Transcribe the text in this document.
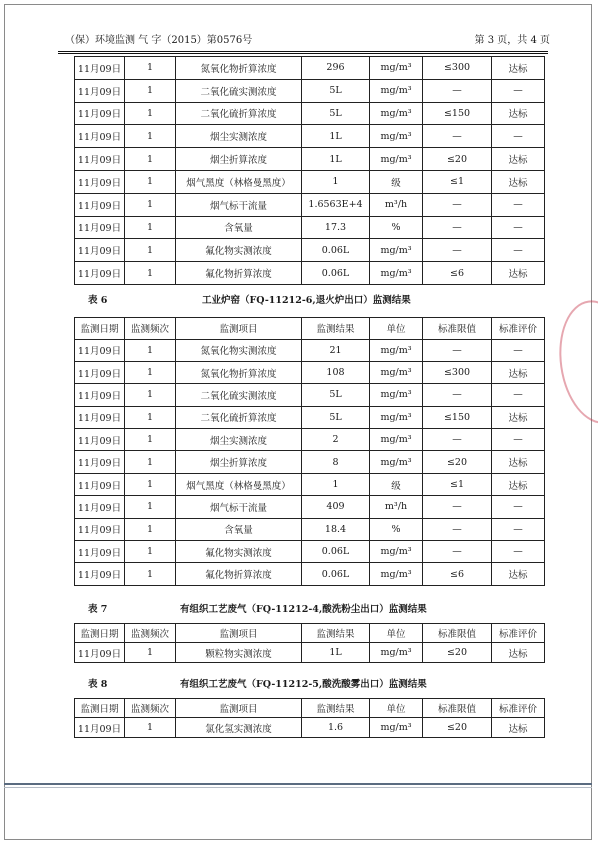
（保）环境监测 气 字（2015）第0576号	第 3 页，共 4 页
11月09日	1	氮氧化物折算浓度	296	mg/m³	≤300	达标
11月09日	1	二氧化硫实测浓度	5L	mg/m³	—	—
11月09日	1	二氧化硫折算浓度	5L	mg/m³	≤150	达标
11月09日	1	烟尘实测浓度	1L	mg/m³	—	—
11月09日	1	烟尘折算浓度	1L	mg/m³	≤20	达标
11月09日	1	烟气黑度（林格曼黑度）	1	级	≤1	达标
11月09日	1	烟气标干流量	1.6563E+4	m³/h	—	—
11月09日	1	含氧量	17.3	%	—	—
11月09日	1	氟化物实测浓度	0.06L	mg/m³	—	—
11月09日	1	氟化物折算浓度	0.06L	mg/m³	≤6	达标
表 6	工业炉窑（FQ-11212-6,退火炉出口）监测结果
监测日期	监测频次	监测项目	监测结果	单位	标准限值	标准评价
11月09日	1	氮氧化物实测浓度	21	mg/m³	—	—
11月09日	1	氮氧化物折算浓度	108	mg/m³	≤300	达标
11月09日	1	二氧化硫实测浓度	5L	mg/m³	—	—
11月09日	1	二氧化硫折算浓度	5L	mg/m³	≤150	达标
11月09日	1	烟尘实测浓度	2	mg/m³	—	—
11月09日	1	烟尘折算浓度	8	mg/m³	≤20	达标
11月09日	1	烟气黑度（林格曼黑度）	1	级	≤1	达标
11月09日	1	烟气标干流量	409	m³/h	—	—
11月09日	1	含氧量	18.4	%	—	—
11月09日	1	氟化物实测浓度	0.06L	mg/m³	—	—
11月09日	1	氟化物折算浓度	0.06L	mg/m³	≤6	达标
表 7	有组织工艺废气（FQ-11212-4,酸洗粉尘出口）监测结果
监测日期	监测频次	监测项目	监测结果	单位	标准限值	标准评价
11月09日	1	颗粒物实测浓度	1L	mg/m³	≤20	达标
表 8	有组织工艺废气（FQ-11212-5,酸洗酸雾出口）监测结果
监测日期	监测频次	监测项目	监测结果	单位	标准限值	标准评价
11月09日	1	氯化氢实测浓度	1.6	mg/m³	≤20	达标
